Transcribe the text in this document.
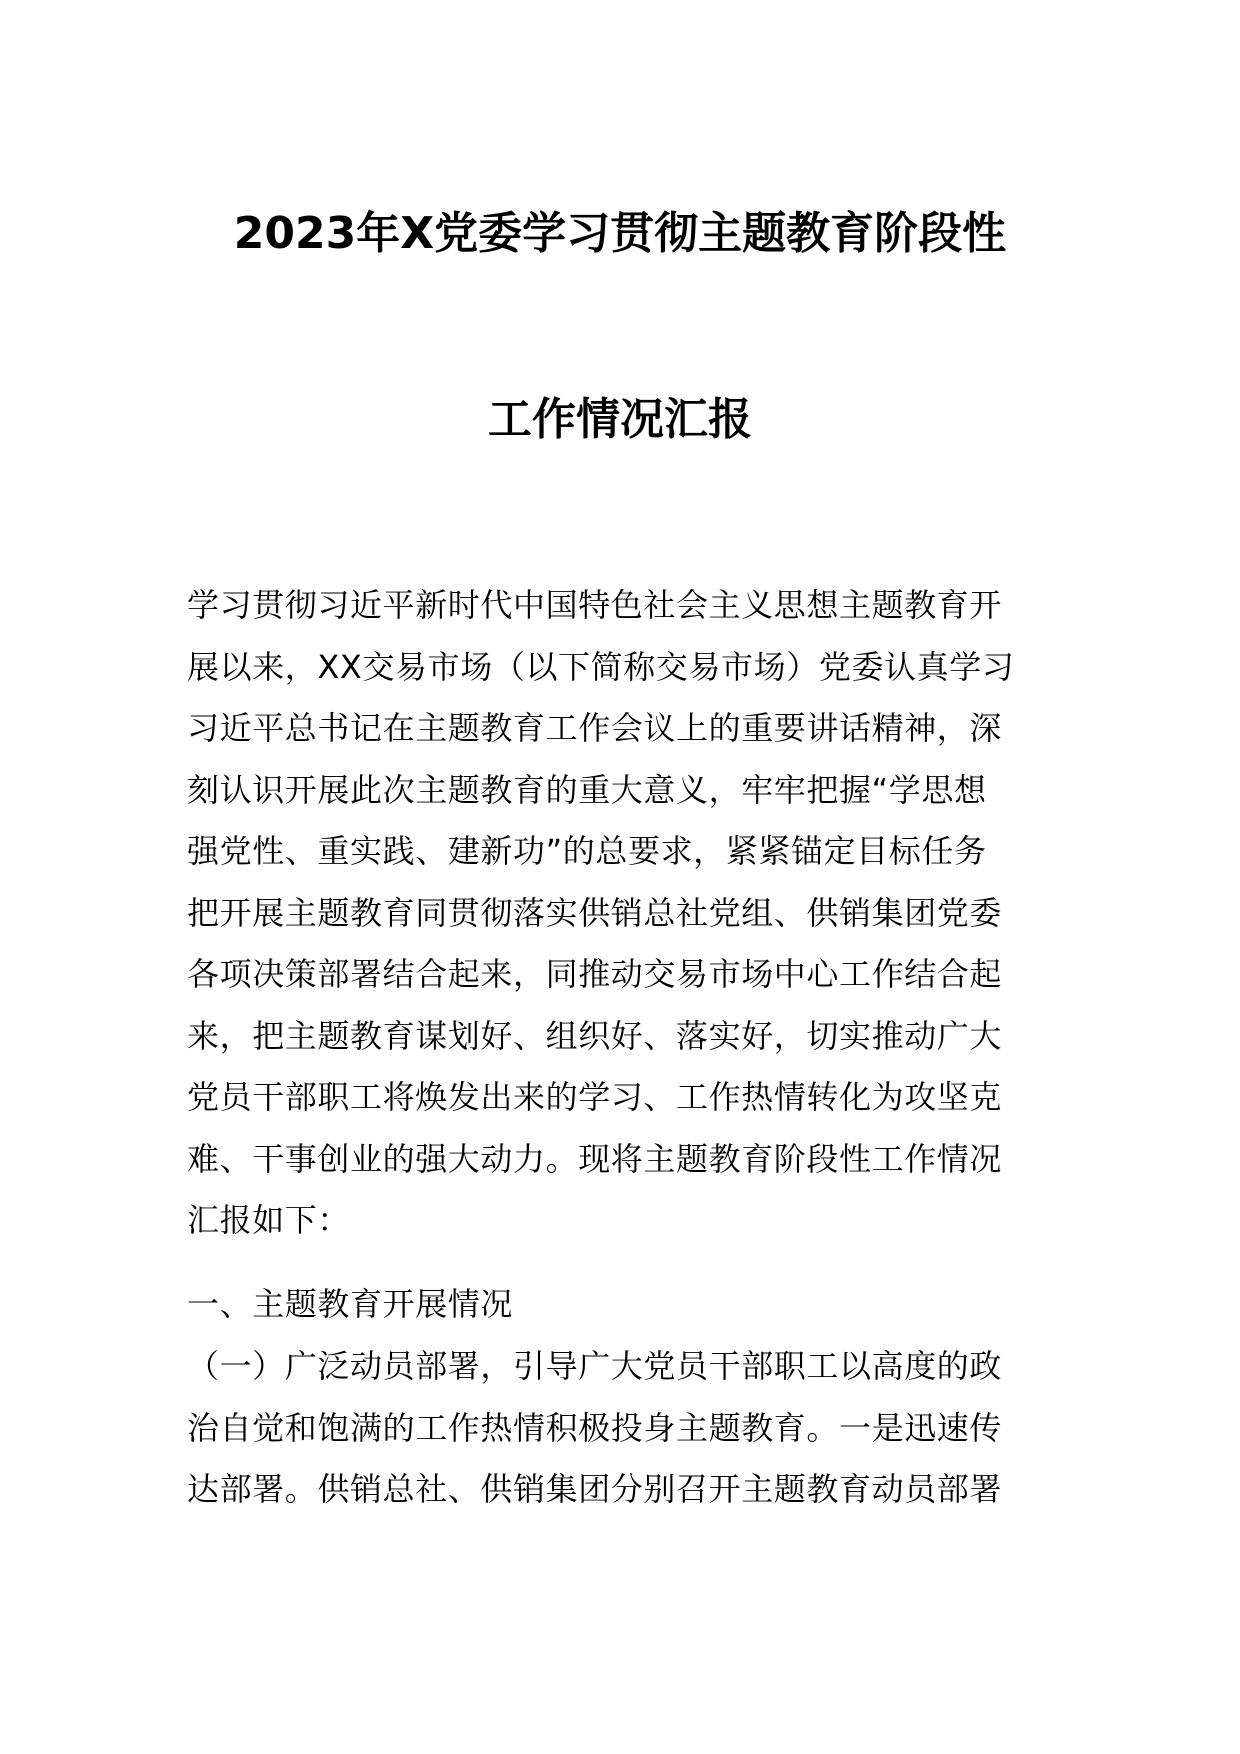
2023年X党委学习贯彻主题教育阶段性
工作情况汇报
学习贯彻习近平新时代中国特色社会主义思想主题教育开
展以来，XX交易市场（以下简称交易市场）党委认真学习
习近平总书记在主题教育工作会议上的重要讲话精神，深
刻认识开展此次主题教育的重大意义，牢牢把握“学思想
强党性、重实践、建新功”的总要求，紧紧锚定目标任务
把开展主题教育同贯彻落实供销总社党组、供销集团党委
各项决策部署结合起来，同推动交易市场中心工作结合起
来，把主题教育谋划好、组织好、落实好，切实推动广大
党员干部职工将焕发出来的学习、工作热情转化为攻坚克
难、干事创业的强大动力。现将主题教育阶段性工作情况
汇报如下：
一、主题教育开展情况
（一）广泛动员部署，引导广大党员干部职工以高度的政
治自觉和饱满的工作热情积极投身主题教育。一是迅速传
达部署。供销总社、供销集团分别召开主题教育动员部署
